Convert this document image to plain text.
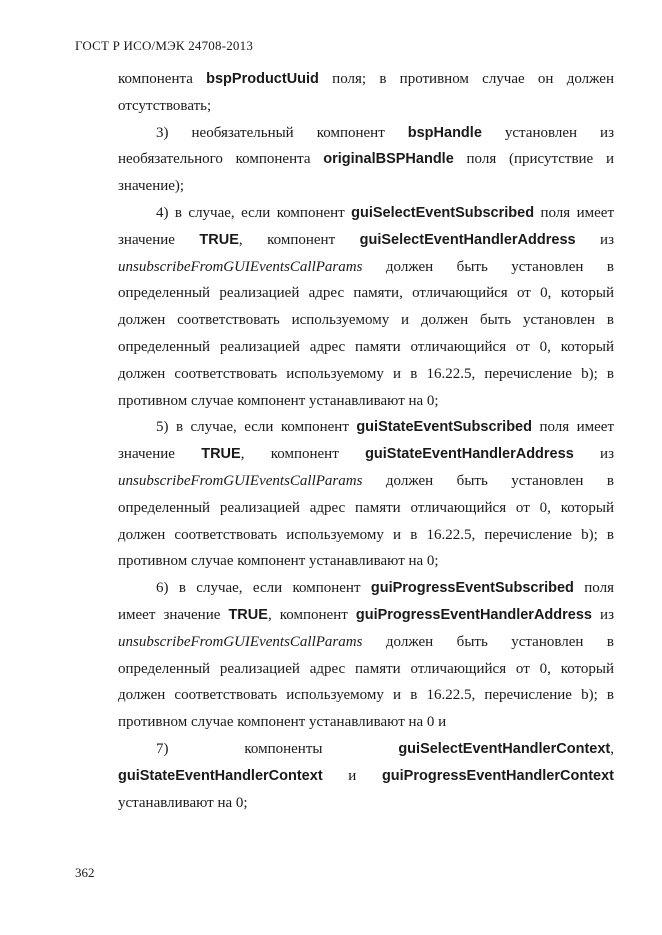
ГОСТ Р ИСО/МЭК 24708-2013

компонента bspProductUuid поля; в противном случае он должен отсутствовать;

3) необязательный компонент bspHandle установлен из необязательного компонента originalBSPHandle поля (присутствие и значение);

4) в случае, если компонент guiSelectEventSubscribed поля имеет значение TRUE, компонент guiSelectEventHandlerAddress из unsubscribeFromGUIEventsCallParams должен быть установлен в определенный реализацией адрес памяти, отличающийся от 0, который должен соответствовать используемому и должен быть установлен в определенный реализацией адрес памяти отличающийся от 0, который должен соответствовать используемому и в 16.22.5, перечисление b); в противном случае компонент устанавливают на 0;

5) в случае, если компонент guiStateEventSubscribed поля имеет значение TRUE, компонент guiStateEventHandlerAddress из unsubscribeFromGUIEventsCallParams должен быть установлен в определенный реализацией адрес памяти отличающийся от 0, который должен соответствовать используемому и в 16.22.5, перечисление b); в противном случае компонент устанавливают на 0;

6) в случае, если компонент guiProgressEventSubscribed поля имеет значение TRUE, компонент guiProgressEventHandlerAddress из unsubscribeFromGUIEventsCallParams должен быть установлен в определенный реализацией адрес памяти отличающийся от 0, который должен соответствовать используемому и в 16.22.5, перечисление b); в противном случае компонент устанавливают на 0 и

7) компоненты guiSelectEventHandlerContext, guiStateEventHandlerContext и guiProgressEventHandlerContext устанавливают на 0;

362
